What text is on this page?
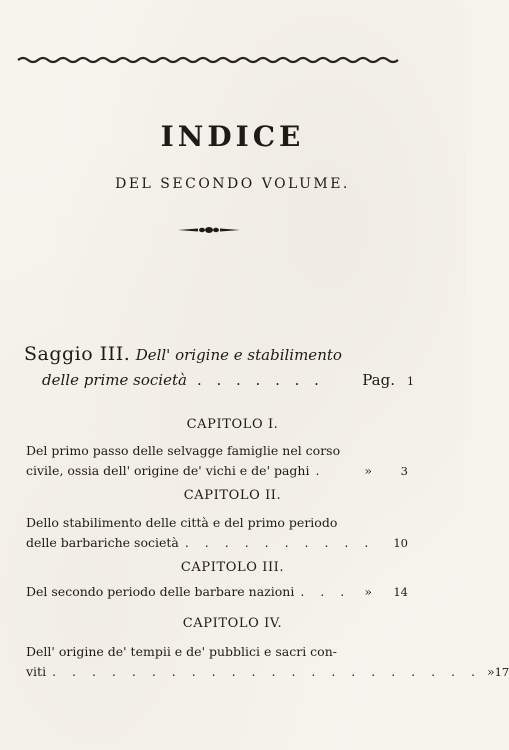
INDICE
DEL SECONDO VOLUME.
Saggio III. Dell' origine e stabilimento
delle prime società . . . . . . .	Pag. 1
CAPITOLO I.
Del primo passo delle selvagge famiglie nel corso
civile, ossia dell' origine de' vichi e de' paghi .	»	3
CAPITOLO II.
Dello stabilimento delle città e del primo periodo
delle barbariche società . . . . . . . . . .	10
CAPITOLO III.
Del secondo periodo delle barbare nazioni . . .	»	14
CAPITOLO IV.
Dell' origine de' tempii e de' pubblici e sacri con-
viti . . . . . . . . . . . . . . . . . . . . . . » 17
